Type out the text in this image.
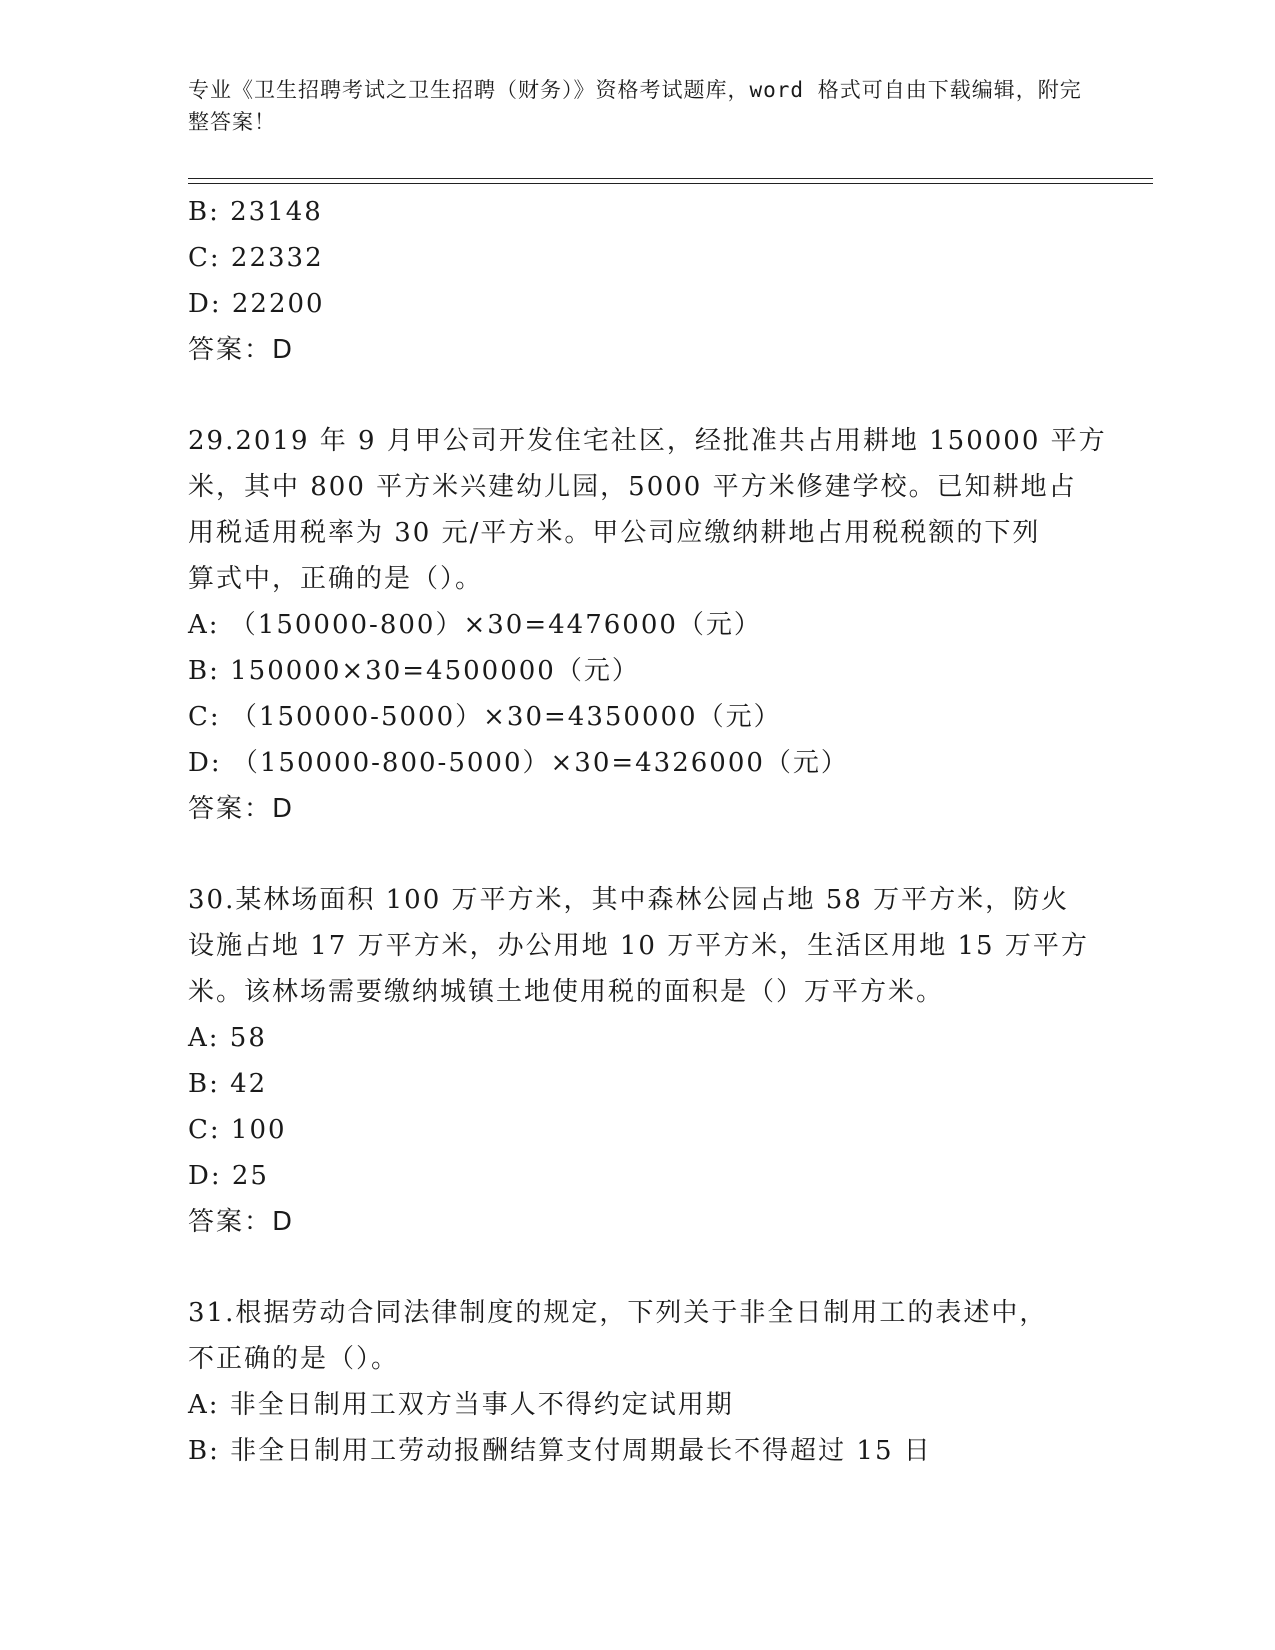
专业《卫生招聘考试之卫生招聘（财务）》资格考试题库，word 格式可自由下载编辑，附完整答案！
B: 23148
C: 22332
D: 22200
答案：D
29.2019 年 9 月甲公司开发住宅社区，经批准共占用耕地 150000 平方
米，其中 800 平方米兴建幼儿园，5000 平方米修建学校。已知耕地占
用税适用税率为 30 元/平方米。甲公司应缴纳耕地占用税税额的下列
算式中，正确的是（）。
A: （150000-800）×30=4476000（元）
B: 150000×30=4500000（元）
C: （150000-5000）×30=4350000（元）
D: （150000-800-5000）×30=4326000（元）
答案：D
30.某林场面积 100 万平方米，其中森林公园占地 58 万平方米，防火
设施占地 17 万平方米，办公用地 10 万平方米，生活区用地 15 万平方
米。该林场需要缴纳城镇土地使用税的面积是（）万平方米。
A: 58
B: 42
C: 100
D: 25
答案：D
31.根据劳动合同法律制度的规定，下列关于非全日制用工的表述中，
不正确的是（）。
A: 非全日制用工双方当事人不得约定试用期
B: 非全日制用工劳动报酬结算支付周期最长不得超过 15 日
